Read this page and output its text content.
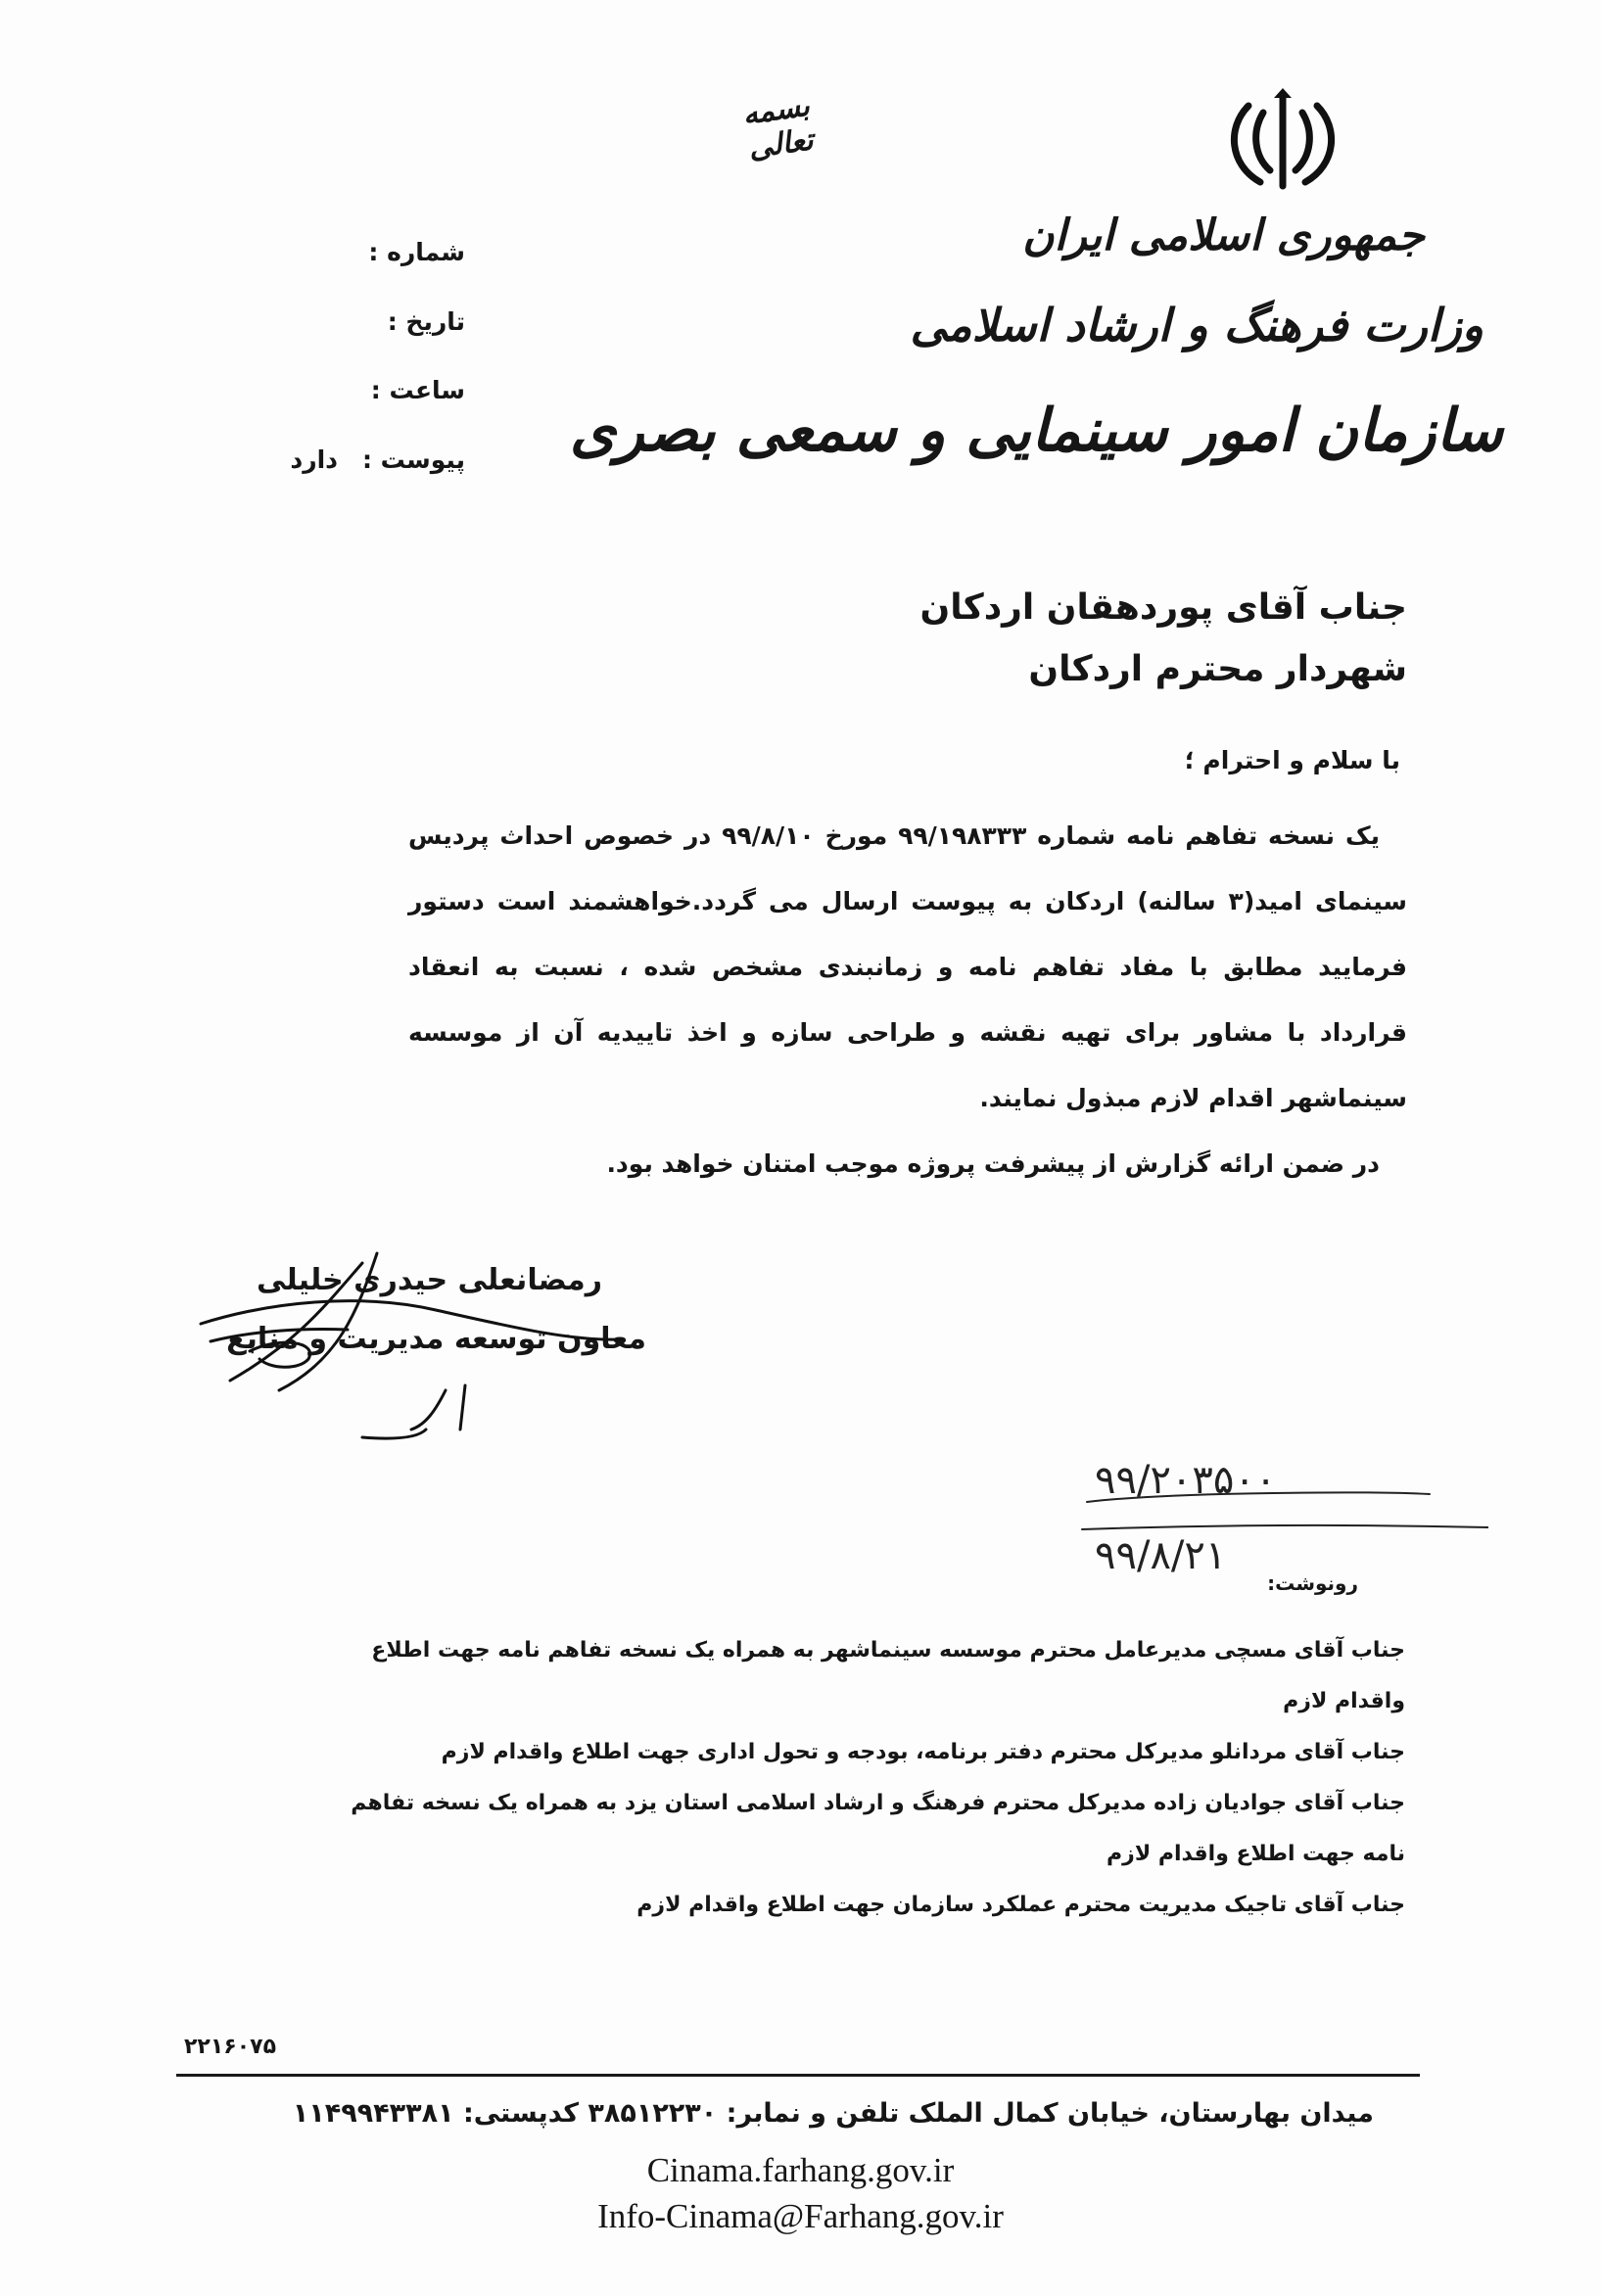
بسمه تعالی
جمهوری اسلامی ایران
وزارت فرهنگ و ارشاد اسلامی
سازمان امور سینمایی و سمعی بصری
شماره :
تاریخ :
ساعت :
پیوست :
دارد
جناب آقای پوردهقان اردکان
شهردار محترم اردکان
با سلام و احترام ؛

یک نسخه تفاهم نامه شماره ۹۹/۱۹۸۳۳۳ مورخ ۹۹/۸/۱۰ در خصوص احداث پردیس سینمای امید(۳ سالنه) اردکان به پیوست ارسال می گردد.خواهشمند است دستور فرمایید مطابق با مفاد تفاهم نامه و زمانبندی مشخص شده ، نسبت به انعقاد قرارداد با مشاور برای تهیه نقشه و طراحی سازه و اخذ تاییدیه آن از موسسه سینماشهر اقدام لازم مبذول نمایند.

در ضمن ارائه گزارش از پیشرفت پروژه موجب امتنان خواهد بود.

رمضانعلی حیدری خلیلی
معاون توسعه مدیریت و منابع
۹۹/۲۰۳۵۰۰
۹۹/۸/۲۱
رونوشت:

جناب آقای مسچی مدیرعامل محترم موسسه سینماشهر به همراه یک نسخه تفاهم نامه جهت اطلاع واقدام لازم

جناب آقای مردانلو مدیرکل محترم دفتر برنامه، بودجه و تحول اداری جهت اطلاع واقدام لازم

جناب آقای جوادیان زاده مدیرکل محترم فرهنگ و ارشاد اسلامی استان یزد به همراه یک نسخه تفاهم نامه جهت اطلاع واقدام لازم

جناب آقای تاجیک مدیریت محترم عملکرد سازمان جهت اطلاع واقدام لازم

۲۲۱۶۰۷۵
میدان بهارستان، خیابان کمال الملک تلفن و نمابر: ۳۸۵۱۲۲۳۰ کدپستی: ۱۱۴۹۹۴۳۳۸۱
Cinama.farhang.gov.ir
Info-Cinama@Farhang.gov.ir
